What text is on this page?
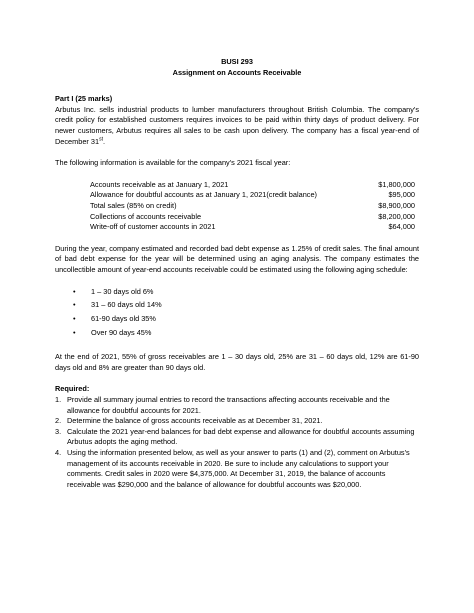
BUSI 293
Assignment on Accounts Receivable
Part I (25 marks)

Arbutus Inc. sells industrial products to lumber manufacturers throughout British Columbia. The company's credit policy for established customers requires invoices to be paid within thirty days of product delivery. For newer customers, Arbutus requires all sales to be cash upon delivery. The company has a fiscal year-end of December 31st.

The following information is available for the company's 2021 fiscal year:

Accounts receivable as at January 1, 2021	$1,800,000
Allowance for doubtful accounts as at January 1, 2021(credit balance)	$95,000
Total sales (85% on credit)	$8,900,000
Collections of accounts receivable	$8,200,000
Write-off of customer accounts in 2021	$64,000

During the year, company estimated and recorded bad debt expense as 1.25% of credit sales. The final amount of bad debt expense for the year will be determined using an aging analysis. The company estimates the uncollectible amount of year-end accounts receivable could be estimated using the following aging schedule:

• 1 – 30 days old 6%
• 31 – 60 days old 14%
• 61-90 days old 35%
• Over 90 days 45%

At the end of 2021, 55% of gross receivables are 1 – 30 days old, 25% are 31 – 60 days old, 12% are 61-90 days old and 8% are greater than 90 days old.

Required:
1. Provide all summary journal entries to record the transactions affecting accounts receivable and the allowance for doubtful accounts for 2021.
2. Determine the balance of gross accounts receivable as at December 31, 2021.
3. Calculate the 2021 year-end balances for bad debt expense and allowance for doubtful accounts assuming Arbutus adopts the aging method.
4. Using the information presented below, as well as your answer to parts (1) and (2), comment on Arbutus's management of its accounts receivable in 2020. Be sure to include any calculations to support your comments. Credit sales in 2020 were $4,375,000. At December 31, 2019, the balance of accounts receivable was $290,000 and the balance of allowance for doubtful accounts was $20,000.
